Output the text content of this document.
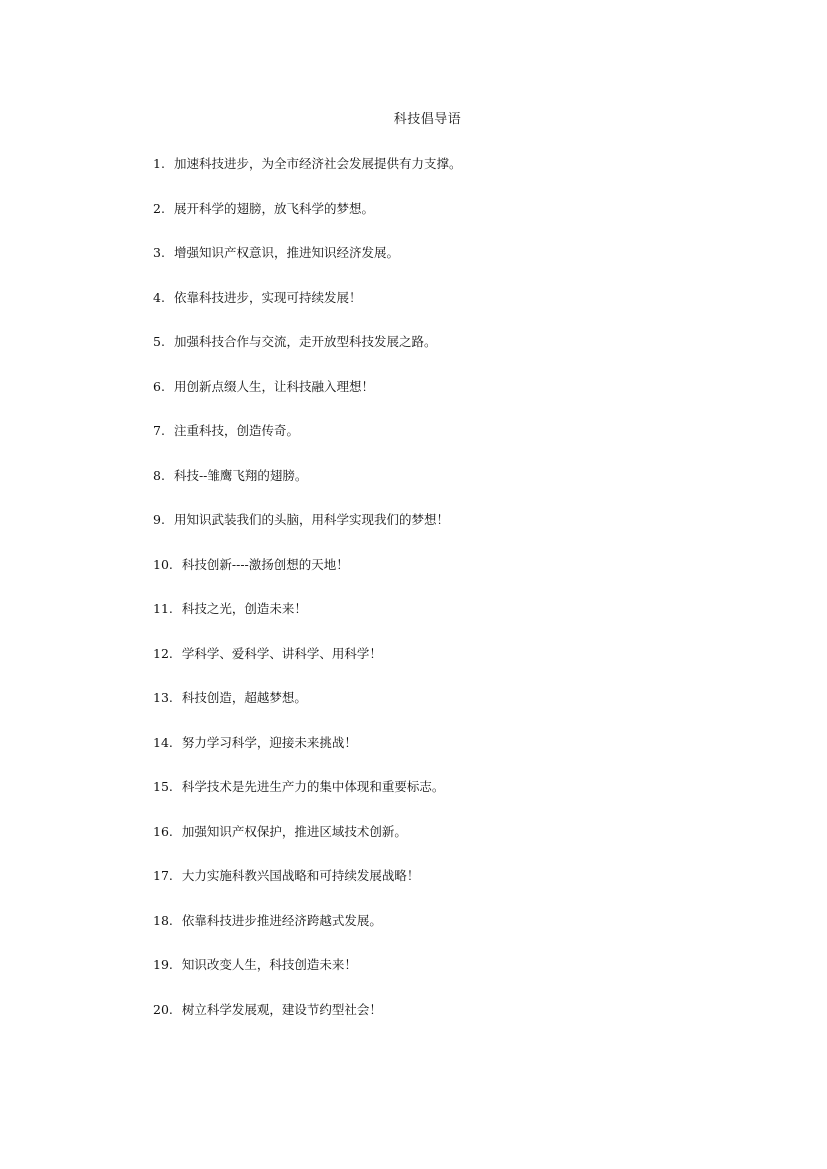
科技倡导语
1. 加速科技进步，为全市经济社会发展提供有力支撑。
2. 展开科学的翅膀，放飞科学的梦想。
3. 增强知识产权意识，推进知识经济发展。
4. 依靠科技进步，实现可持续发展！
5. 加强科技合作与交流，走开放型科技发展之路。
6. 用创新点缀人生，让科技融入理想！
7. 注重科技，创造传奇。
8. 科技--雏鹰飞翔的翅膀。
9. 用知识武装我们的头脑，用科学实现我们的梦想！
10. 科技创新----激扬创想的天地！
11. 科技之光，创造未来！
12. 学科学、爱科学、讲科学、用科学！
13. 科技创造，超越梦想。
14. 努力学习科学，迎接未来挑战！
15. 科学技术是先进生产力的集中体现和重要标志。
16. 加强知识产权保护，推进区域技术创新。
17. 大力实施科教兴国战略和可持续发展战略！
18. 依靠科技进步推进经济跨越式发展。
19. 知识改变人生，科技创造未来！
20. 树立科学发展观，建设节约型社会！
